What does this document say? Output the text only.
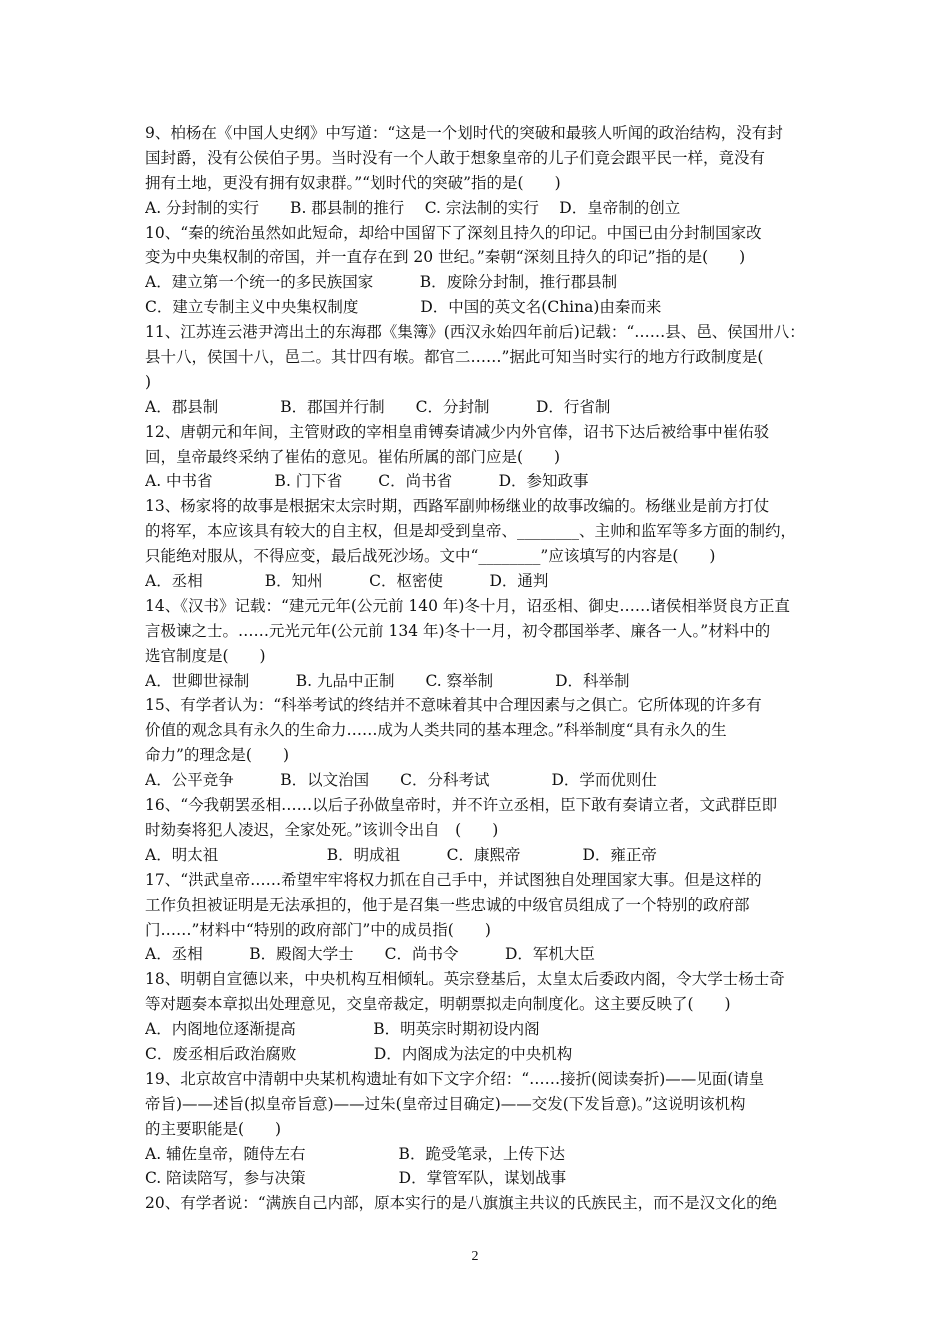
9、柏杨在《中国人史纲》中写道：“这是一个划时代的突破和最骇人听闻的政治结构，没有封
国封爵，没有公侯伯子男。当时没有一个人敢于想象皇帝的儿子们竟会跟平民一样，竟没有
拥有土地，更没有拥有奴隶群。”“划时代的突破”指的是(　　)
A. 分封制的实行　　B. 郡县制的推行　 C. 宗法制的实行　 D．皇帝制的创立
10、“秦的统治虽然如此短命，却给中国留下了深刻且持久的印记。中国已由分封制国家改
变为中央集权制的帝国，并一直存在到 20 世纪。”秦朝“深刻且持久的印记”指的是(　　)
A．建立第一个统一的多民族国家　　　B．废除分封制，推行郡县制
C．建立专制主义中央集权制度　　　　D．中国的英文名(China)由秦而来
11、江苏连云港尹湾出土的东海郡《集簿》(西汉永始四年前后)记载：“……县、邑、侯国卅八：
县十八，侯国十八，邑二。其廿四有堠。都官二……”据此可知当时实行的地方行政制度是(
)
A．郡县制　　　　B．郡国并行制　　C．分封制　　　D．行省制
12、唐朝元和年间，主管财政的宰相皇甫镈奏请减少内外官俸，诏书下达后被给事中崔佑驳
回，皇帝最终采纳了崔佑的意见。崔佑所属的部门应是(　　)
A. 中书省　　　　B. 门下省　　 C．尚书省　　　D．参知政事
13、杨家将的故事是根据宋太宗时期，西路军副帅杨继业的故事改编的。杨继业是前方打仗
的将军，本应该具有较大的自主权，但是却受到皇帝、________、主帅和监军等多方面的制约，
只能绝对服从，不得应变，最后战死沙场。文中“________”应该填写的内容是(　　)
A．丞相　　　　B．知州　　　C．枢密使　　　D．通判
14、《汉书》记载：“建元元年(公元前 140 年)冬十月，诏丞相、御史……诸侯相举贤良方正直
言极谏之士。……元光元年(公元前 134 年)冬十一月，初令郡国举孝、廉各一人。”材料中的
选官制度是(　　)
A．世卿世禄制　　　B. 九品中正制　　C. 察举制　　　　D．科举制
15、有学者认为：“科举考试的终结并不意味着其中合理因素与之俱亡。它所体现的许多有
价值的观念具有永久的生命力……成为人类共同的基本理念。”科举制度“具有永久的生
命力”的理念是(　　)
A．公平竞争　　　B．以文治国　　C．分科考试　　　　D．学而优则仕
16、“今我朝罢丞相……以后子孙做皇帝时，并不许立丞相，臣下敢有奏请立者，文武群臣即
时劾奏将犯人凌迟，全家处死。”该训令出自　(　　)
A．明太祖　　　　　　　B．明成祖　　　C．康熙帝　　　　D．雍正帝
17、“洪武皇帝……希望牢牢将权力抓在自己手中，并试图独自处理国家大事。但是这样的
工作负担被证明是无法承担的，他于是召集一些忠诚的中级官员组成了一个特别的政府部
门……”材料中“特别的政府部门”中的成员指(　　)
A．丞相　　　B．殿阁大学士　　C．尚书令　　　D．军机大臣
18、明朝自宣德以来，中央机构互相倾轧。英宗登基后，太皇太后委政内阁，令大学士杨士奇
等对题奏本章拟出处理意见，交皇帝裁定，明朝票拟走向制度化。这主要反映了(　　)
A．内阁地位逐渐提高　　　　　B．明英宗时期初设内阁
C．废丞相后政治腐败　　　　　D．内阁成为法定的中央机构
19、北京故宫中清朝中央某机构遗址有如下文字介绍：“……接折(阅读奏折)——见面(请皇
帝旨)——述旨(拟皇帝旨意)——过朱(皇帝过目确定)——交发(下发旨意)。”这说明该机构
的主要职能是(　　)
A. 辅佐皇帝，随侍左右　　　　　　B．跪受笔录，上传下达
C. 陪读陪写，参与决策　　　　　　D．掌管军队，谋划战事
20、有学者说：“满族自己内部，原本实行的是八旗旗主共议的氏族民主，而不是汉文化的绝
2
